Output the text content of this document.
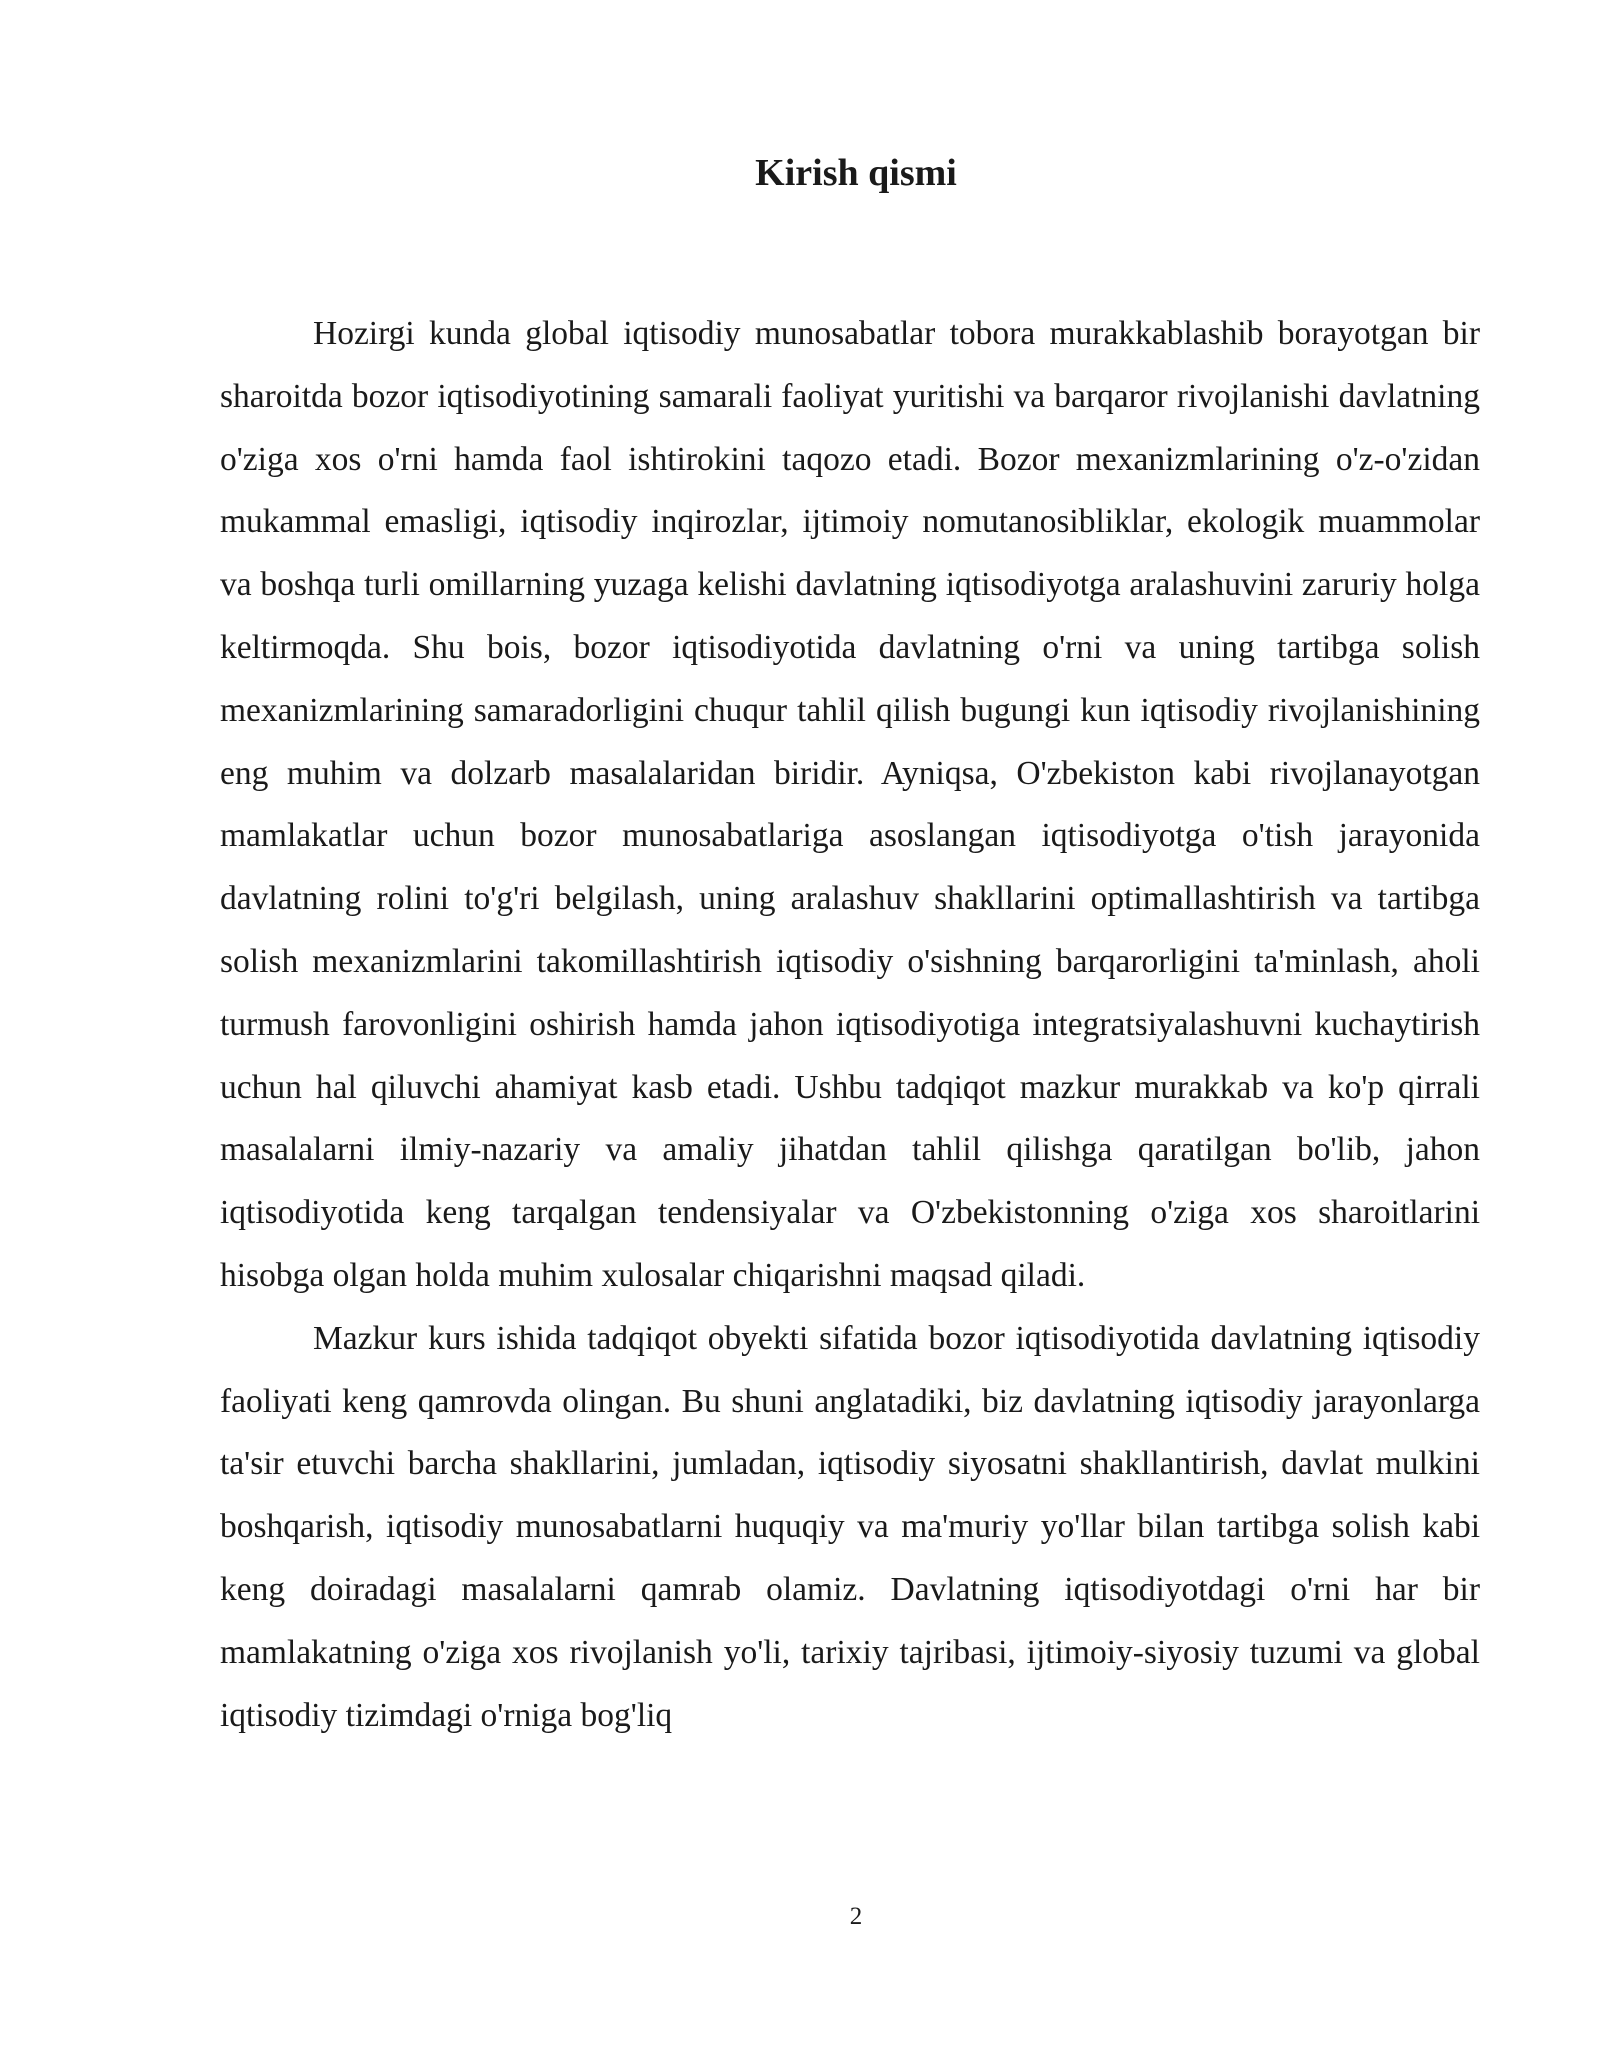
Kirish qismi

Hozirgi kunda global iqtisodiy munosabatlar tobora murakkablashib borayotgan bir sharoitda bozor iqtisodiyotining samarali faoliyat yuritishi va barqaror rivojlanishi davlatning o'ziga xos o'rni hamda faol ishtirokini taqozo etadi. Bozor mexanizmlarining o'z-o'zidan mukammal emasligi, iqtisodiy inqirozlar, ijtimoiy nomutanosibliklar, ekologik muammolar va boshqa turli omillarning yuzaga kelishi davlatning iqtisodiyotga aralashuvini zaruriy holga keltirmoqda. Shu bois, bozor iqtisodiyotida davlatning o'rni va uning tartibga solish mexanizmlarining samaradorligini chuqur tahlil qilish bugungi kun iqtisodiy rivojlanishining eng muhim va dolzarb masalalaridan biridir. Ayniqsa, O'zbekiston kabi rivojlanayotgan mamlakatlar uchun bozor munosabatlariga asoslangan iqtisodiyotga o'tish jarayonida davlatning rolini to'g'ri belgilash, uning aralashuv shakllarini optimallashtirish va tartibga solish mexanizmlarini takomillashtirish iqtisodiy o'sishning barqarorligini ta'minlash, aholi turmush farovonligini oshirish hamda jahon iqtisodiyotiga integratsiyalashuvni kuchaytirish uchun hal qiluvchi ahamiyat kasb etadi. Ushbu tadqiqot mazkur murakkab va ko'p qirrali masalalarni ilmiy-nazariy va amaliy jihatdan tahlil qilishga qaratilgan bo'lib, jahon iqtisodiyotida keng tarqalgan tendensiyalar va O'zbekistonning o'ziga xos sharoitlarini hisobga olgan holda muhim xulosalar chiqarishni maqsad qiladi.

Mazkur kurs ishida tadqiqot obyekti sifatida bozor iqtisodiyotida davlatning iqtisodiy faoliyati keng qamrovda olingan. Bu shuni anglatadiki, biz davlatning iqtisodiy jarayonlarga ta'sir etuvchi barcha shakllarini, jumladan, iqtisodiy siyosatni shakllantirish, davlat mulkini boshqarish, iqtisodiy munosabatlarni huquqiy va ma'muriy yo'llar bilan tartibga solish kabi keng doiradagi masalalarni qamrab olamiz. Davlatning iqtisodiyotdagi o'rni har bir mamlakatning o'ziga xos rivojlanish yo'li, tarixiy tajribasi, ijtimoiy-siyosiy tuzumi va global iqtisodiy tizimdagi o'rniga bog'liq

2
